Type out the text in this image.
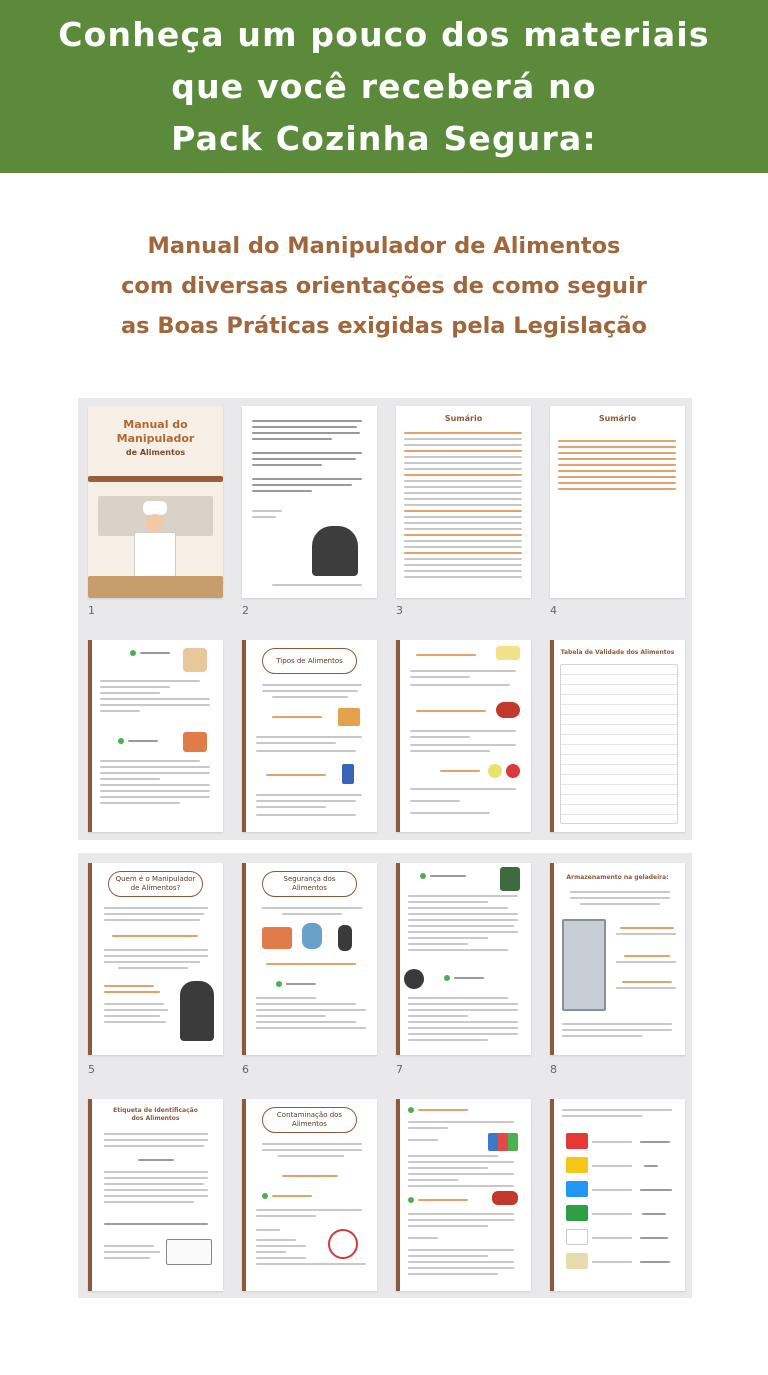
Conheça um pouco dos materiais
que você receberá no
Pack Cozinha Segura:
Manual do Manipulador de Alimentos
com diversas orientações de como seguir
as Boas Práticas exigidas pela Legislação
Manual do
Manipulador
de Alimentos
1	2
Sumário
3
Sumário
4
Tipos de Alimentos
Tabela de Validade dos Alimentos
Quem é o Manipulador de Alimentos?
5
Segurança dos Alimentos
6	7
Armazenamento na geladeira:
8
Etiqueta de Identificação dos Alimentos	Contaminação dos Alimentos
